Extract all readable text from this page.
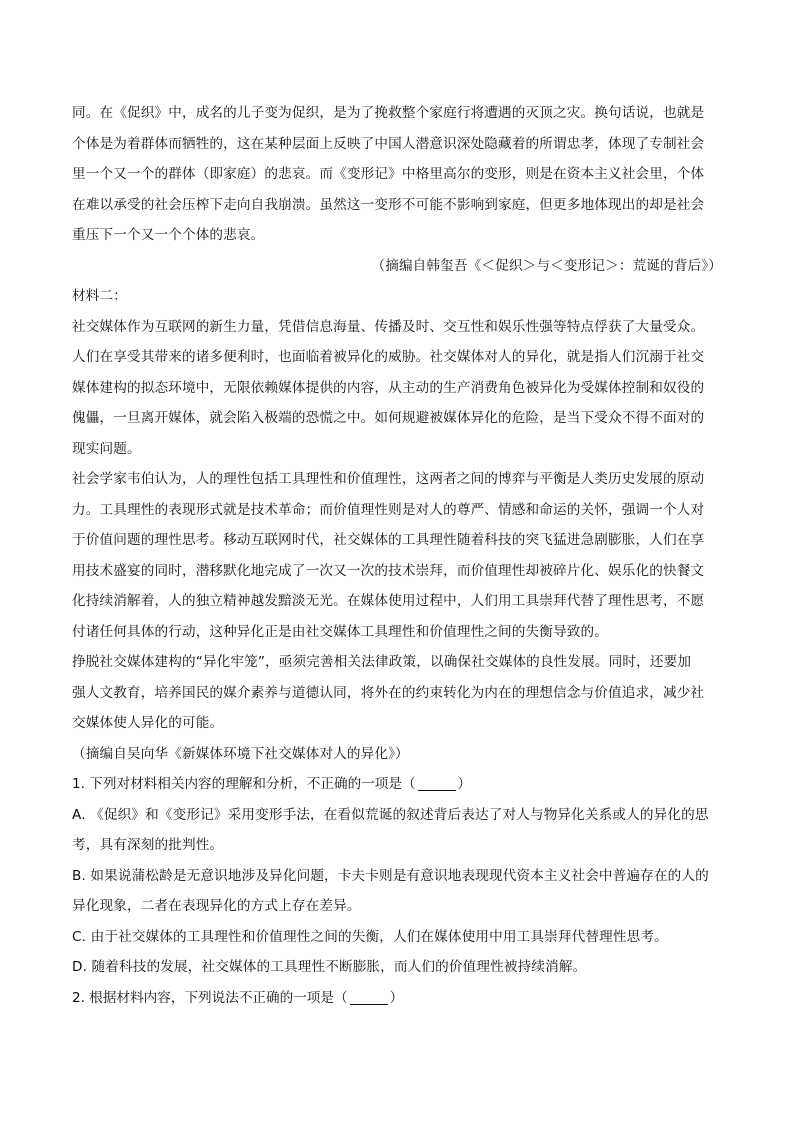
同。在《促织》中，成名的儿子变为促织，是为了挽救整个家庭行将遭遇的灭顶之灾。换句话说，也就是
个体是为着群体而牺牲的，这在某种层面上反映了中国人潜意识深处隐藏着的所谓忠孝，体现了专制社会
里一个又一个的群体（即家庭）的悲哀。而《变形记》中格里高尔的变形，则是在资本主义社会里，个体
在难以承受的社会压榨下走向自我崩溃。虽然这一变形不可能不影响到家庭，但更多地体现出的却是社会
重压下一个又一个个体的悲哀。
（摘编自韩玺吾《＜促织＞与＜变形记＞：荒诞的背后》）
材料二：
社交媒体作为互联网的新生力量，凭借信息海量、传播及时、交互性和娱乐性强等特点俘获了大量受众。
人们在享受其带来的诸多便利时，也面临着被异化的威胁。社交媒体对人的异化，就是指人们沉溺于社交
媒体建构的拟态环境中，无限依赖媒体提供的内容，从主动的生产消费角色被异化为受媒体控制和奴役的
傀儡，一旦离开媒体，就会陷入极端的恐慌之中。如何规避被媒体异化的危险，是当下受众不得不面对的
现实问题。
社会学家韦伯认为，人的理性包括工具理性和价值理性，这两者之间的博弈与平衡是人类历史发展的原动
力。工具理性的表现形式就是技术革命；而价值理性则是对人的尊严、情感和命运的关怀，强调一个人对
于价值问题的理性思考。移动互联网时代，社交媒体的工具理性随着科技的突飞猛进急剧膨胀，人们在享
用技术盛宴的同时，潜移默化地完成了一次又一次的技术崇拜，而价值理性却被碎片化、娱乐化的快餐文
化持续消解着，人的独立精神越发黯淡无光。在媒体使用过程中，人们用工具崇拜代替了理性思考，不愿
付诸任何具体的行动，这种异化正是由社交媒体工具理性和价值理性之间的失衡导致的。
挣脱社交媒体建构的“异化牢笼”，亟须完善相关法律政策，以确保社交媒体的良性发展。同时，还要加
强人文教育，培养国民的媒介素养与道德认同，将外在的约束转化为内在的理想信念与价值追求，减少社
交媒体使人异化的可能。
（摘编自吴向华《新媒体环境下社交媒体对人的异化》）
1. 下列对材料相关内容的理解和分析，不正确的一项是（	）
A. 《促织》和《变形记》采用变形手法，在看似荒诞的叙述背后表达了对人与物异化关系或人的异化的思
考，具有深刻的批判性。
B. 如果说蒲松龄是无意识地涉及异化问题，卡夫卡则是有意识地表现现代资本主义社会中普遍存在的人的
异化现象，二者在表现异化的方式上存在差异。
C. 由于社交媒体的工具理性和价值理性之间的失衡，人们在媒体使用中用工具崇拜代替理性思考。
D. 随着科技的发展，社交媒体的工具理性不断膨胀，而人们的价值理性被持续消解。
2. 根据材料内容，下列说法不正确的一项是（	）
